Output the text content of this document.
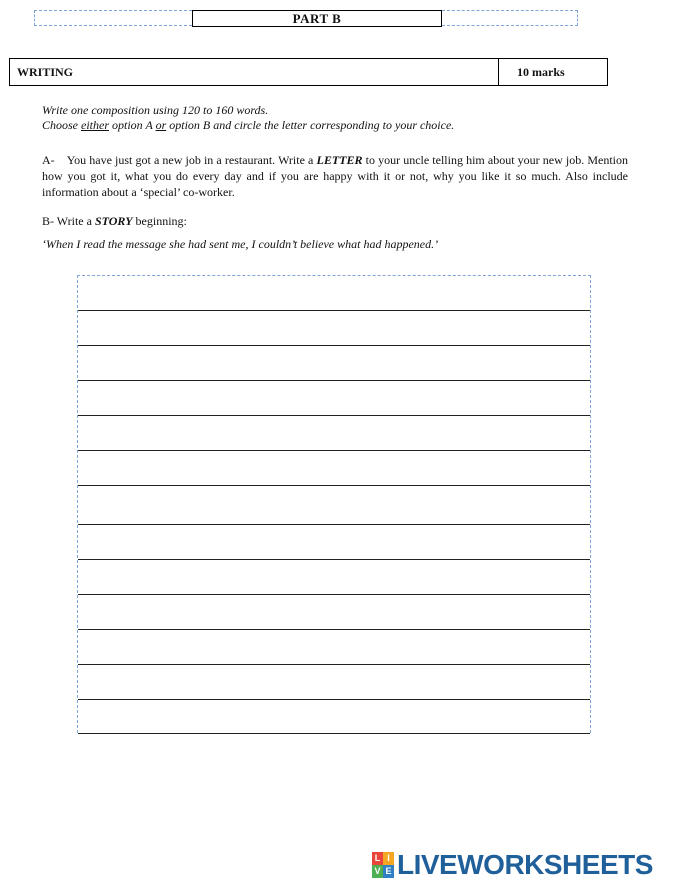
PART B
WRITING	10 marks
Write one composition using 120 to 160 words.
Choose either option A or option B and circle the letter corresponding to your choice.
A-    You have just got a new job in a restaurant. Write a LETTER to your uncle telling him about your new job. Mention how you got it, what you do every day and if you are happy with it or not, why you like it so much. Also include information about a ‘special’ co-worker.
B- Write a STORY beginning:
‘When I read the message she had sent me, I couldn’t believe what had happened.’
L I
V E LIVEWORKSHEETS
